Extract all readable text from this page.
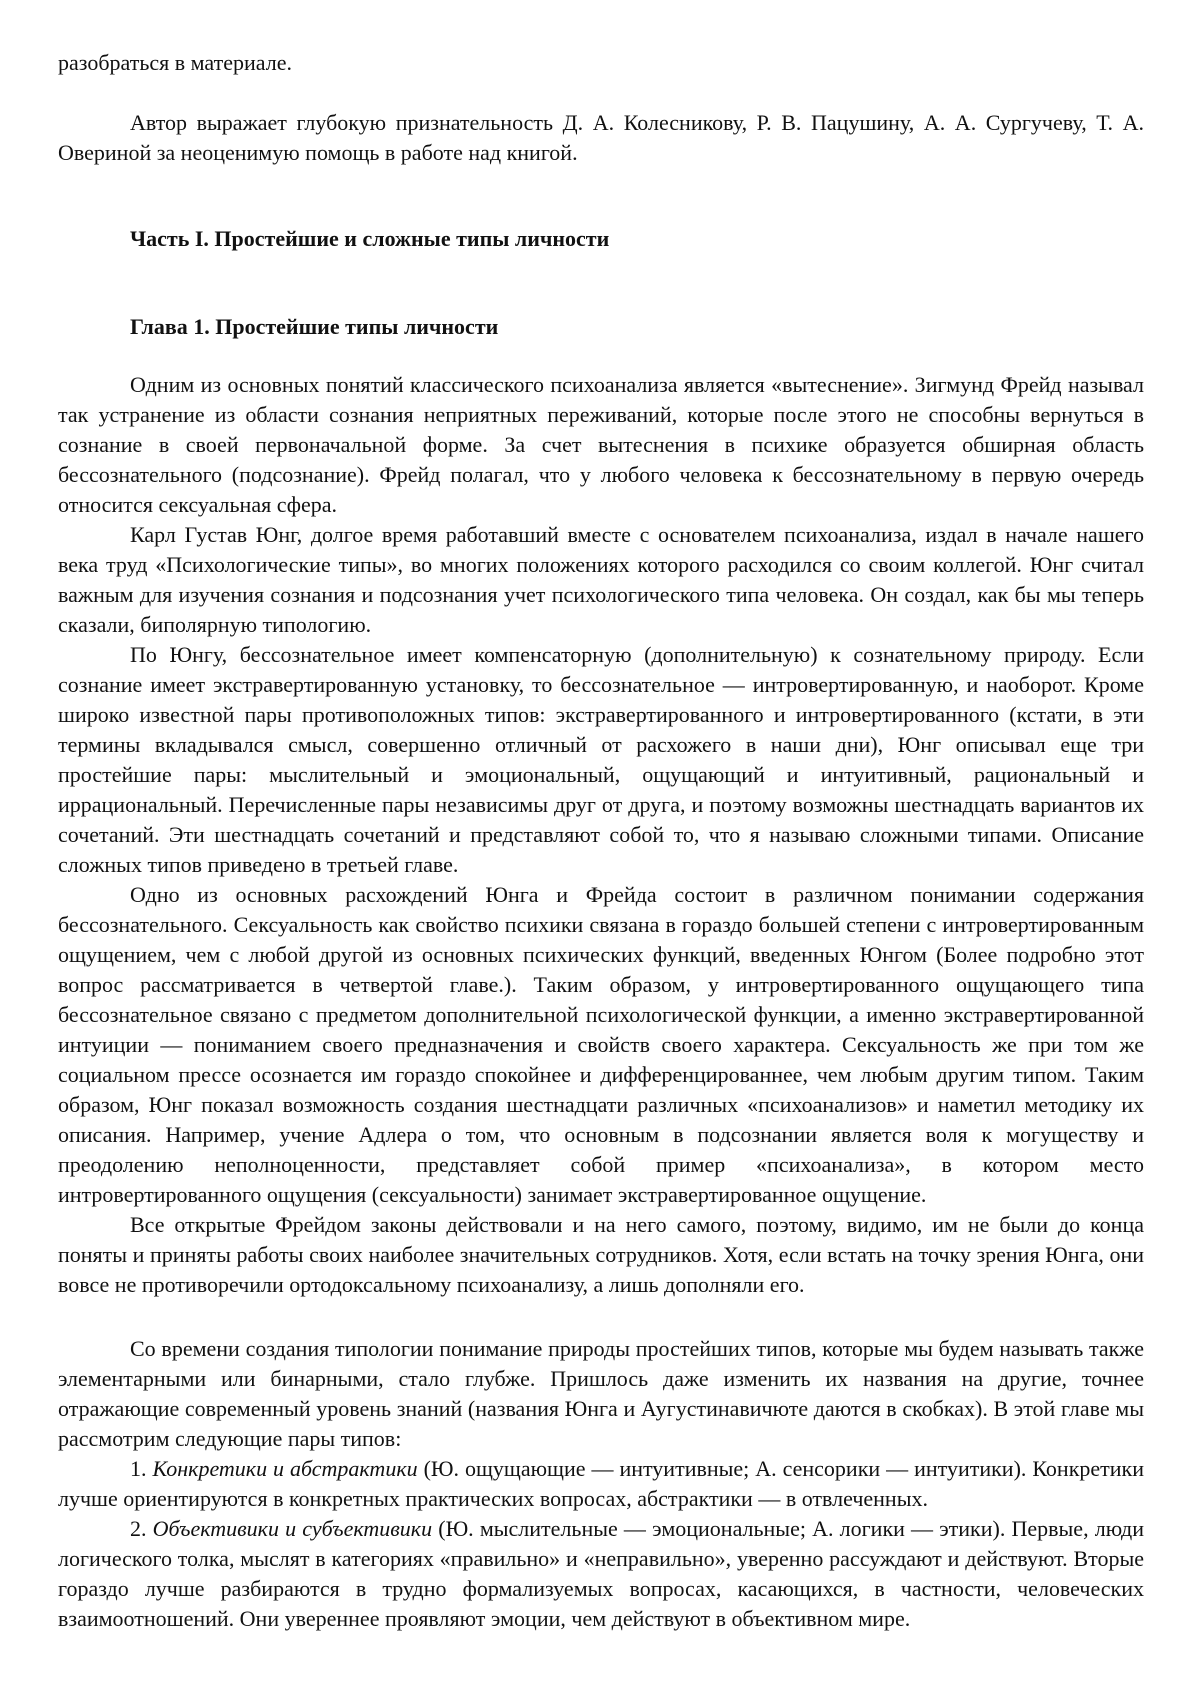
разобраться в материале.

Автор выражает глубокую признательность Д. А. Колесникову, Р. В. Пацушину, А. А. Сургучеву, Т. А. Овериной за неоценимую помощь в работе над книгой.

Часть I. Простейшие и сложные типы личности

Глава 1. Простейшие типы личности

Одним из основных понятий классического психоанализа является «вытеснение». Зигмунд Фрейд называл так устранение из области сознания неприятных переживаний, которые после этого не способны вернуться в сознание в своей первоначальной форме. За счет вытеснения в психике образуется обширная область бессознательного (подсознание). Фрейд полагал, что у любого человека к бессознательному в первую очередь относится сексуальная сфера.

Карл Густав Юнг, долгое время работавший вместе с основателем психоанализа, издал в начале нашего века труд «Психологические типы», во многих положениях которого расходился со своим коллегой. Юнг считал важным для изучения сознания и подсознания учет психологического типа человека. Он создал, как бы мы теперь сказали, биполярную типологию.

По Юнгу, бессознательное имеет компенсаторную (дополнительную) к сознательному природу. Если сознание имеет экстравертированную установку, то бессознательное — интровертированную, и наоборот. Кроме широко известной пары противоположных типов: экстравертированного и интровертированного (кстати, в эти термины вкладывался смысл, совершенно отличный от расхожего в наши дни), Юнг описывал еще три простейшие пары: мыслительный и эмоциональный, ощущающий и интуитивный, рациональный и иррациональный. Перечисленные пары независимы друг от друга, и поэтому возможны шестнадцать вариантов их сочетаний. Эти шестнадцать сочетаний и представляют собой то, что я называю сложными типами. Описание сложных типов приведено в третьей главе.

Одно из основных расхождений Юнга и Фрейда состоит в различном понимании содержания бессознательного. Сексуальность как свойство психики связана в гораздо большей степени с интровертированным ощущением, чем с любой другой из основных психических функций, введенных Юнгом (Более подробно этот вопрос рассматривается в четвертой главе.). Таким образом, у интровертированного ощущающего типа бессознательное связано с предметом дополнительной психологической функции, а именно экстравертированной интуиции — пониманием своего предназначения и свойств своего характера. Сексуальность же при том же социальном прессе осознается им гораздо спокойнее и дифференцированнее, чем любым другим типом. Таким образом, Юнг показал возможность создания шестнадцати различных «психоанализов» и наметил методику их описания. Например, учение Адлера о том, что основным в подсознании является воля к могуществу и преодолению неполноценности, представляет собой пример «психоанализа», в котором место интровертированного ощущения (сексуальности) занимает экстравертированное ощущение.

Все открытые Фрейдом законы действовали и на него самого, поэтому, видимо, им не были до конца поняты и приняты работы своих наиболее значительных сотрудников. Хотя, если встать на точку зрения Юнга, они вовсе не противоречили ортодоксальному психоанализу, а лишь дополняли его.

Со времени создания типологии понимание природы простейших типов, которые мы будем называть также элементарными или бинарными, стало глубже. Пришлось даже изменить их названия на другие, точнее отражающие современный уровень знаний (названия Юнга и Аугустинавичюте даются в скобках). В этой главе мы рассмотрим следующие пары типов:

1. Конкретики и абстрактики (Ю. ощущающие — интуитивные; А. сенсорики — интуитики). Конкретики лучше ориентируются в конкретных практических вопросах, абстрактики — в отвлеченных.

2. Объективики и субъективики (Ю. мыслительные — эмоциональные; А. логики — этики). Первые, люди логического толка, мыслят в категориях «правильно» и «неправильно», уверенно рассуждают и действуют. Вторые гораздо лучше разбираются в трудно формализуемых вопросах, касающихся, в частности, человеческих взаимоотношений. Они увереннее проявляют эмоции, чем действуют в объективном мире.
